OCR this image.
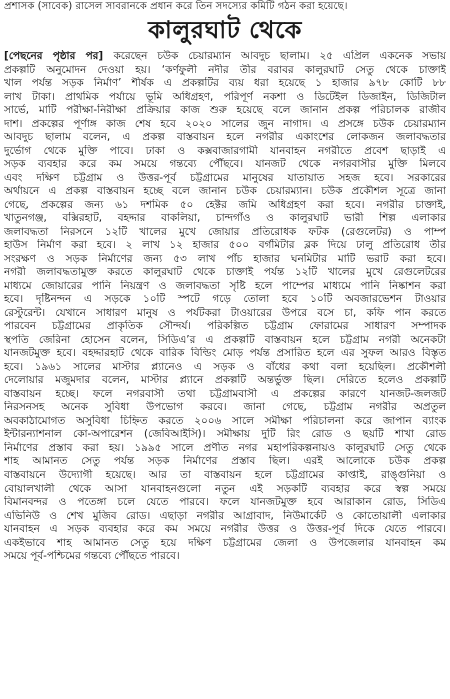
প্রশাসক (সাবেক) রাসেল সাবরানকে প্রধান করে তিন সদস্যের কমিটি গঠন করা হয়েছে।
কালুরঘাট থেকে
[পেছনের পৃষ্ঠার পর] করেছেন চউক চেয়ারম্যান আবদুচ ছালাম। ২৫ এপ্রিল একনেক সভায়
প্রকল্পটি অনুমোদন দেওয়া হয়। ‘কর্ণফুলী নদীর তীর বরাবর কালুরঘাট সেতু থেকে চাক্তাই
খাল পর্যন্ত সড়ক নির্মাণ’ শীর্ষক এ প্রকল্পটির ব্যয় ধরা হয়েছে ১ হাজার ৯৭৮ কোটি ৮৮
লাখ টাকা। প্রাথমিক পর্যায়ে ভূমি অধিগ্রহণ, পরিপূর্ণ নকশা ও ডিটেইল ডিজাইন, ডিজিটাল
সার্ভে, মাটি পরীক্ষা-নিরীক্ষা প্রক্রিয়ার কাজ শুরু হয়েছে বলে জানান প্রকল্প পরিচালক রাজীব
দাশ। প্রকল্পের পূর্ণাঙ্গ কাজ শেষ হবে ২০২০ সালের জুন নাগাদ। এ প্রসঙ্গে চউক চেয়ারম্যান
আবদুচ ছালাম বলেন, এ প্রকল্প বাস্তবায়ন হলে নগরীর একাংশের লোকজন জলাবদ্ধতার
দুর্ভোগ থেকে মুক্তি পাবে। ঢাকা ও কক্সবাজারগামী যানবাহন নগরীতে প্রবেশ ছাড়াই এ
সড়ক ব্যবহার করে কম সময়ে গন্তব্যে পৌঁছবে। যানজট থেকে নগরবাসীর মুক্তি মিলবে
এবং দক্ষিণ চট্টগ্রাম ও উত্তর-পূর্ব চট্টগ্রামের মানুষের যাতায়াত সহজ হবে। সরকারের
অর্থায়নে এ প্রকল্প বাস্তবায়ন হচ্ছে বলে জানান চউক চেয়ারম্যান। চউক প্রকৌশল সূত্রে জানা
গেছে, প্রকল্পের জন্য ৬১ দশমিক ৫০ হেক্টর জমি অধিগ্রহণ করা হবে। নগরীর চাক্তাই,
খাতুনগঞ্জ, বক্সিরহাট, বহদ্দার বাকলিয়া, চান্দগাঁও ও কালুরঘাট ভারী শিল্প এলাকার
জলাবদ্ধতা নিরসনে ১২টি খালের মুখে জোয়ার প্রতিরোধক ফটক (রেগুলেটর) ও পাম্প
হাউস নির্মাণ করা হবে। ২ লাখ ১২ হাজার ৫০০ বর্গমিটার ব্লক দিয়ে ঢালু প্রতিরোধ তীর
সংরক্ষণ ও সড়ক নির্মাণের জন্য ৫৩ লাখ পাঁচ হাজার ঘনমিটার মাটি ভরাট করা হবে।
নগরী জলাবদ্ধতামুক্ত করতে কালুরঘাট থেকে চাক্তাই পর্যন্ত ১২টি খালের মুখে রেগুলেটরের
মাধ্যমে জোয়ারের পানি নিয়ন্ত্রণ ও জলাবদ্ধতা সৃষ্টি হলে পাম্পের মাধ্যমে পানি নিষ্কাশন করা
হবে। দৃষ্টিনন্দন এ সড়কে ১০টি স্পটে গড়ে তোলা হবে ১০টি অবজারভেশন টাওয়ার
রেস্টুরেন্ট। যেখানে সাধারণ মানুষ ও পর্যটকরা টাওয়ারের উপরে বসে চা, কফি পান করতে
পারবেন চট্টগ্রামের প্রাকৃতিক সৌন্দর্য। পরিকল্পিত চট্টগ্রাম ফোরামের সাধারণ সম্পাদক
স্থপতি জেরিনা হোসেন বলেন, সিডিএ’র এ প্রকল্পটি বাস্তবায়ন হলে চট্টগ্রাম নগরী অনেকটা
যানজটমুক্ত হবে। বহদ্দারহাট থেকে বারিক বিল্ডিং মোড় পর্যন্ত প্রসারিত হলে এর সুফল আরও বিস্তৃত
হবে। ১৯৬১ সালের মাস্টার প্ল্যানেও এ সড়ক ও বাঁধের কথা বলা হয়েছিল। প্রকৌশলী
দেলোয়ার মজুমদার বলেন, মাস্টার প্ল্যানে প্রকল্পটি অন্তর্ভুক্ত ছিল। দেরিতে হলেও প্রকল্পটি
বাস্তবায়ন হচ্ছে। ফলে নগরবাসী তথা চট্টগ্রামবাসী এ প্রকল্পের কারণে যানজট-জলজট
নিরসনসহ অনেক সুবিধা উপভোগ করবে। জানা গেছে, চট্টগ্রাম নগরীর অপ্রতুল
অবকাঠামোগত অসুবিধা চিহ্নিত করতে ২০০৬ সালে সমীক্ষা পরিচালনা করে জাপান ব্যাংক
ইন্টারন্যাশনাল কো-অপারেশন (জেবিআইসি)। সমীক্ষায় দুটি রিং রোড ও ছয়টি শাখা রোড
নির্মাণের প্রস্তাব করা হয়। ১৯৯৫ সালে প্রণীত নগর মহাপরিকল্পনায়ও কালুরঘাট সেতু থেকে
শাহ আমানত সেতু পর্যন্ত সড়ক নির্মাণের প্রস্তাব ছিল। এরই আলোকে চউক প্রকল্প
বাস্তবায়নে উদ্যোগী হয়েছে। আর তা বাস্তবায়ন হলে চট্টগ্রামের কাপ্তাই, রাঙ্গুনিয়া ও
বোয়ালখালী থেকে আসা যানবাহনগুলো নতুন এই সড়কটি ব্যবহার করে স্বল্প সময়ে
বিমানবন্দর ও পতেঙ্গা চলে যেতে পারবে। ফলে যানজটমুক্ত হবে আরাকান রোড, সিডিএ
এভিনিউ ও শেখ মুজিব রোড। এছাড়া নগরীর আগ্রাবাদ, নিউমার্কেট ও কোতোয়ালী এলাকার
যানবাহন এ সড়ক ব্যবহার করে কম সময়ে নগরীর উত্তর ও উত্তর-পূর্ব দিকে যেতে পারবে।
একইভাবে শাহ আমানত সেতু হয়ে দক্ষিণ চট্টগ্রামের জেলা ও উপজেলার যানবাহন কম
সময়ে পূর্ব-পশ্চিমের গন্তব্যে পৌঁছতে পারবে।
